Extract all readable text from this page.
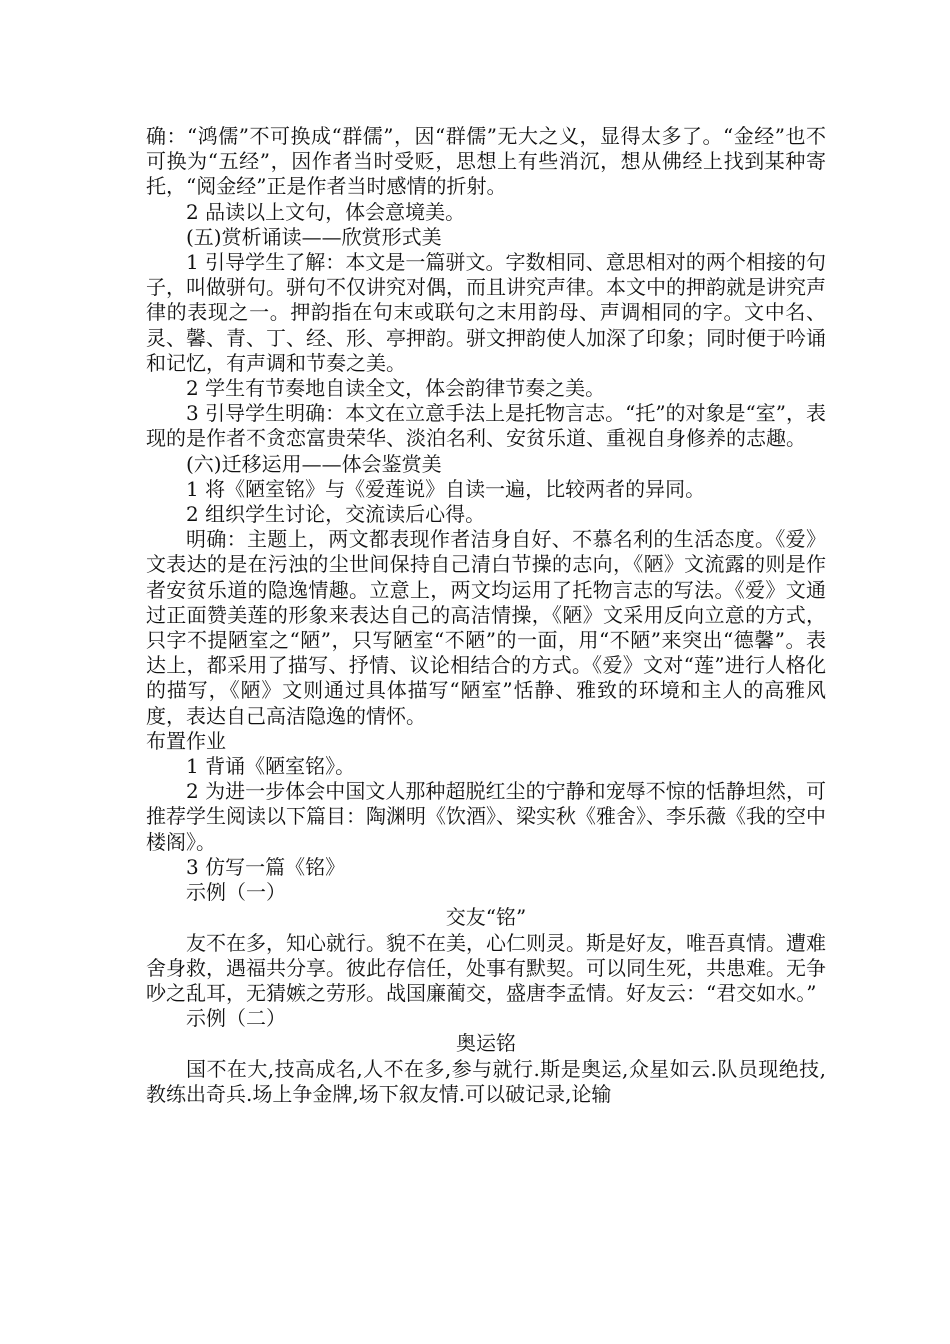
确：“鸿儒”不可换成“群儒”，因“群儒”无大之义，显得太多了。“金经”也不可换为“五经”，因作者当时受贬，思想上有些消沉，想从佛经上找到某种寄托，“阅金经”正是作者当时感情的折射。

2 品读以上文句，体会意境美。

(五)赏析诵读——欣赏形式美

1 引导学生了解：本文是一篇骈文。字数相同、意思相对的两个相接的句子，叫做骈句。骈句不仅讲究对偶，而且讲究声律。本文中的押韵就是讲究声律的表现之一。押韵指在句末或联句之末用韵母、声调相同的字。文中名、灵、馨、青、丁、经、形、亭押韵。骈文押韵使人加深了印象；同时便于吟诵和记忆，有声调和节奏之美。

2 学生有节奏地自读全文，体会韵律节奏之美。

3 引导学生明确：本文在立意手法上是托物言志。“托”的对象是“室”，表现的是作者不贪恋富贵荣华、淡泊名利、安贫乐道、重视自身修养的志趣。

(六)迁移运用——体会鉴赏美

1 将《陋室铭》与《爱莲说》自读一遍，比较两者的异同。

2 组织学生讨论，交流读后心得。

明确：主题上，两文都表现作者洁身自好、不慕名利的生活态度。《爱》文表达的是在污浊的尘世间保持自己清白节操的志向，《陋》文流露的则是作者安贫乐道的隐逸情趣。立意上，两文均运用了托物言志的写法。《爱》文通过正面赞美莲的形象来表达自己的高洁情操，《陋》文采用反向立意的方式，只字不提陋室之“陋”，只写陋室“不陋”的一面，用“不陋”来突出“德馨”。表达上，都采用了描写、抒情、议论相结合的方式。《爱》文对“莲”进行人格化的描写，《陋》文则通过具体描写“陋室”恬静、雅致的环境和主人的高雅风度，表达自己高洁隐逸的情怀。

布置作业

1 背诵《陋室铭》。

2 为进一步体会中国文人那种超脱红尘的宁静和宠辱不惊的恬静坦然，可推荐学生阅读以下篇目：陶渊明《饮酒》、梁实秋《雅舍》、李乐薇《我的空中楼阁》。

3 仿写一篇《铭》

示例（一）

交友“铭”

友不在多，知心就行。貌不在美，心仁则灵。斯是好友，唯吾真情。遭难舍身救，遇福共分享。彼此存信任，处事有默契。可以同生死，共患难。无争吵之乱耳，无猜嫉之劳形。战国廉蔺交，盛唐李孟情。好友云：“君交如水。”

示例（二）

奥运铭

国不在大,技高成名,人不在多,参与就行.斯是奥运,众星如云.队员现绝技,教练出奇兵.场上争金牌,场下叙友情.可以破记录,论输
